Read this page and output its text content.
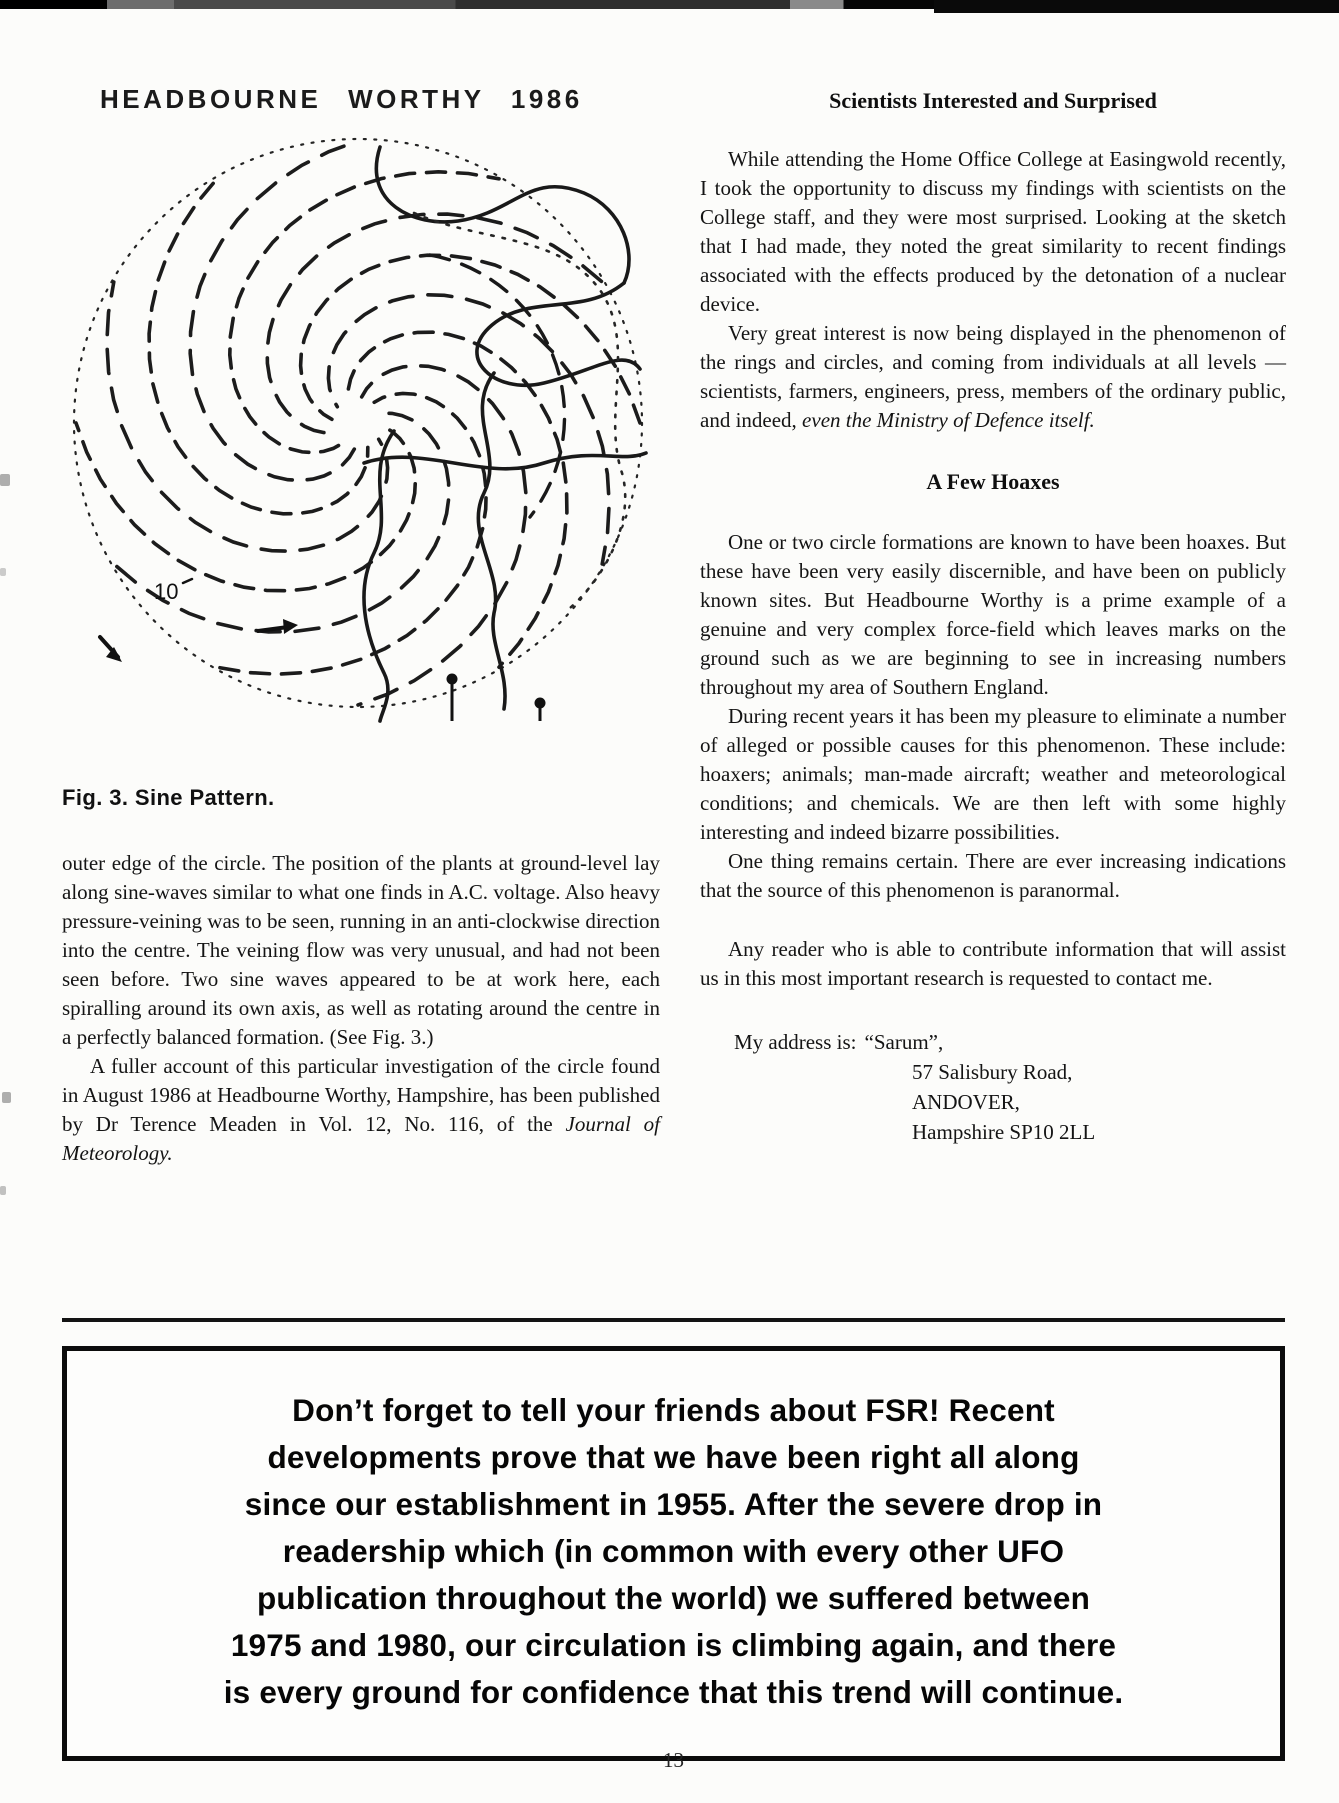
HEADBOURNE WORTHY 1986
10
Fig. 3. Sine Pattern.

outer edge of the circle. The position of the plants at ground-level lay along sine-waves similar to what one finds in A.C. voltage. Also heavy pressure-veining was to be seen, running in an anti-clockwise direction into the centre. The veining flow was very unusual, and had not been seen before. Two sine waves appeared to be at work here, each spiralling around its own axis, as well as rotating around the centre in a perfectly balanced formation. (See Fig. 3.)

A fuller account of this particular investigation of the circle found in August 1986 at Headbourne Worthy, Hampshire, has been published by Dr Terence Meaden in Vol. 12, No. 116, of the Journal of Meteorology.

Scientists Interested and Surprised

While attending the Home Office College at Easingwold recently, I took the opportunity to discuss my findings with scientists on the College staff, and they were most surprised. Looking at the sketch that I had made, they noted the great similarity to recent findings associated with the effects produced by the detonation of a nuclear device.

Very great interest is now being displayed in the phenomenon of the rings and circles, and coming from individuals at all levels — scientists, farmers, engineers, press, members of the ordinary public, and indeed, even the Ministry of Defence itself.

A Few Hoaxes

One or two circle formations are known to have been hoaxes. But these have been very easily discernible, and have been on publicly known sites. But Headbourne Worthy is a prime example of a genuine and very complex force-field which leaves marks on the ground such as we are beginning to see in increasing numbers throughout my area of Southern England.

During recent years it has been my pleasure to eliminate a number of alleged or possible causes for this phenomenon. These include: hoaxers; animals; man-made aircraft; weather and meteorological conditions; and chemicals. We are then left with some highly interesting and indeed bizarre possibilities.

One thing remains certain. There are ever increasing indications that the source of this phenomenon is paranormal.

Any reader who is able to contribute information that will assist us in this most important research is requested to contact me.

My address is: “Sarum”,
57 Salisbury Road,
ANDOVER,
Hampshire SP10 2LL
Don’t forget to tell your friends about FSR! Recent
developments prove that we have been right all along
since our establishment in 1955. After the severe drop in
readership which (in common with every other UFO
publication throughout the world) we suffered between
1975 and 1980, our circulation is climbing again, and there
is every ground for confidence that this trend will continue.
13
